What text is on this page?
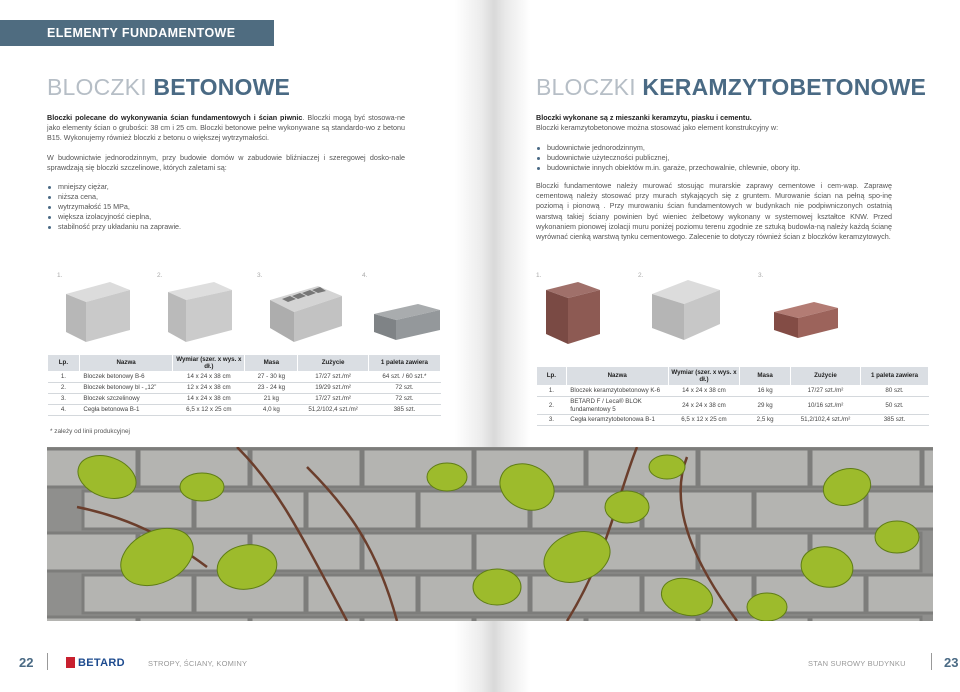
ELEMENTY FUNDAMENTOWE
BLOCZKI BETONOWE
Bloczki polecane do wykonywania ścian fundamentowych i ścian piwnic. Bloczki mogą być stosowa-ne jako elementy ścian o grubości: 38 cm i 25 cm. Bloczki betonowe pełne wykonywane są standardo-wo z betonu B15. Wykonujemy również bloczki z betonu o większej wytrzymałości.
W budownictwie jednorodzinnym, przy budowie domów w zabudowie bliźniaczej i szeregowej dosko-nale sprawdzają się bloczki szczelinowe, których zaletami są:
mniejszy ciężar,
niższa cena,
wytrzymałość 15 MPa,
większa izolacyjność cieplna,
stabilność przy układaniu na zaprawie.
1.	2.	3.	4.
Lp.	Nazwa	Wymiar (szer. x wys. x dł.)	Masa	Zużycie	1 paleta zawiera
1.	Bloczek betonowy B-6	14 x 24 x 38 cm	27 - 30 kg	17/27 szt./m²	64 szt. / 60 szt.*
2.	Bloczek betonowy bl - „12”	12 x 24 x 38 cm	23 - 24 kg	19/29 szt./m²	72 szt.
3.	Bloczek szczelinowy	14 x 24 x 38 cm	21 kg	17/27 szt./m²	72 szt.
4.	Cegła betonowa B-1	6,5 x 12 x 25 cm	4,0 kg	51,2/102,4 szt./m²	385 szt.
* zależy od linii produkcyjnej
BLOCZKI KERAMZYTOBETONOWE
Bloczki wykonane są z mieszanki keramzytu, piasku i cementu.
Bloczki keramzytobetonowe można stosować jako element konstrukcyjny w:
budownictwie jednorodzinnym,
budownictwie użyteczności publicznej,
budownictwie innych obiektów m.in. garaże, przechowalnie, chlewnie, obory itp.
Bloczki fundamentowe należy murować stosując murarskie zaprawy cementowe i cem-wap. Zaprawę cementową należy stosować przy murach stykających się z gruntem. Murowanie ścian na pełną spo-inę poziomą i pionową . Przy murowaniu ścian fundamentowych w budynkach nie podpiwniczonych ostatnią warstwą takiej ściany powinien być wieniec żelbetowy wykonany w systemowej kształtce KNW. Przed wykonaniem pionowej izolacji muru poniżej poziomu terenu zgodnie ze sztuką budowla-ną należy każdą ścianę wyrównać cienką warstwą tynku cementowego. Zalecenie to dotyczy również ścian z bloczków keramzytowych.
1.	2.	3.
Lp.	Nazwa	Wymiar (szer. x wys. x dł.)	Masa	Zużycie	1 paleta zawiera
1.	Bloczek keramzytobetonowy K-6	14 x 24 x 38 cm	16 kg	17/27 szt./m²	80 szt.
2.	BETARD F / Leca® BLOK fundamentowy 5	24 x 24 x 38 cm	29 kg	10/16 szt./m²	50 szt.
3.	Cegła keramzytobetonowa B-1	6,5 x 12 x 25 cm	2,5 kg	51,2/102,4 szt./m²	385 szt.
22	BETARD	STROPY, ŚCIANY, KOMINY	STAN SUROWY BUDYNKU	23
